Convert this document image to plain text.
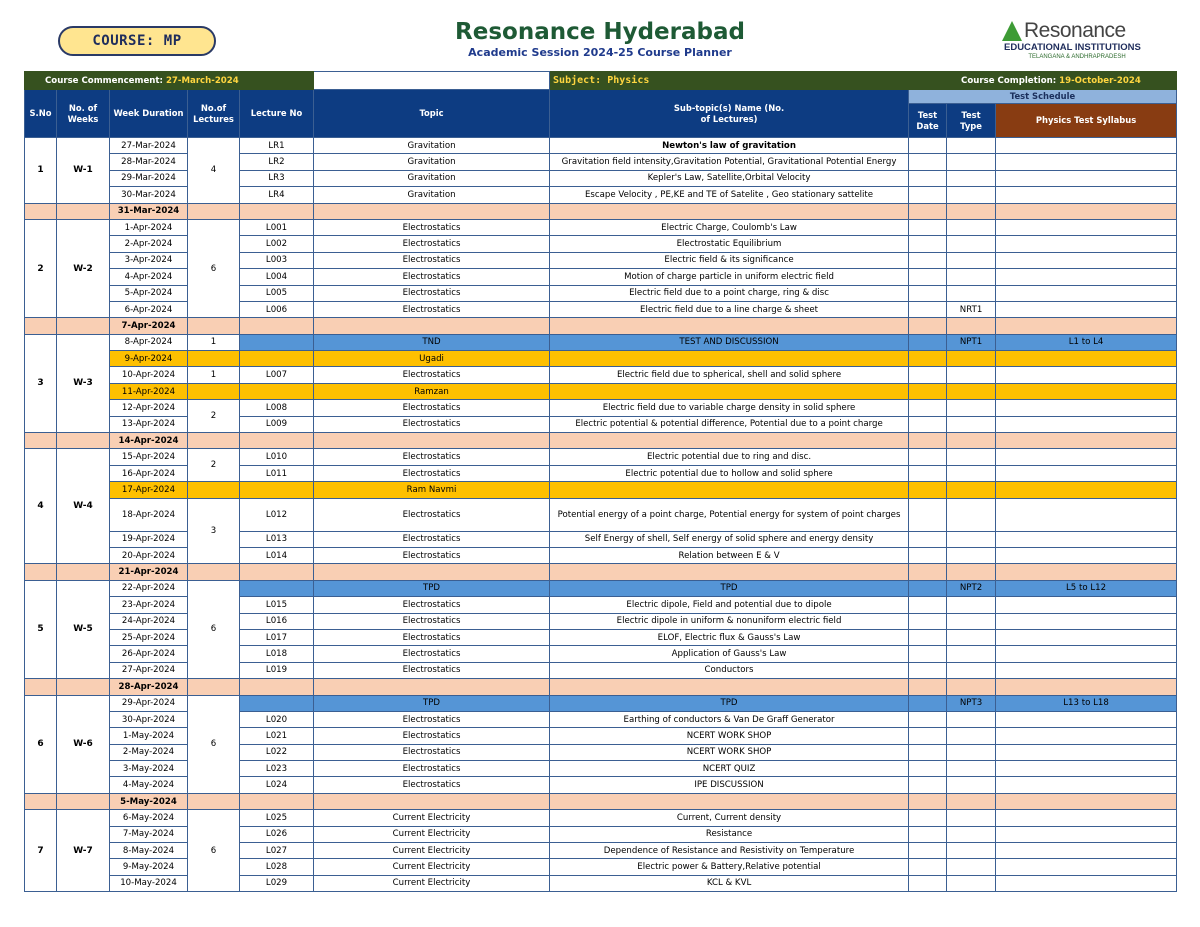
COURSE: MP	Resonance Hyderabad
Academic Session 2024-25 Course Planner
Resonance
EDUCATIONAL INSTITUTIONS
TELANGANA & ANDHRAPRADESH
Course Commencement: 27-March-2024						Subject: Physics		Course Completion: 19-October-2024	
S.No	No. of Weeks	Week Duration	No.of Lectures	Lecture No	Topic	Sub-topic(s) Name (No. of Lectures)	Test Schedule		
							Test Date	Test Type	Physics Test Syllabus
1	W-1	27-Mar-2024	4	LR1	Gravitation	Newton's law of gravitation			
		28-Mar-2024		LR2	Gravitation	Gravitation field intensity,Gravitation Potential, Gravitational Potential Energy			
		29-Mar-2024		LR3	Gravitation	Kepler's Law, Satellite,Orbital Velocity			
		30-Mar-2024		LR4	Gravitation	Escape Velocity , PE,KE and TE of Satelite , Geo stationary sattelite			
		31-Mar-2024							
2	W-2	1-Apr-2024	6	L001	Electrostatics	Electric Charge, Coulomb's Law			
		2-Apr-2024		L002	Electrostatics	Electrostatic Equilibrium			
		3-Apr-2024		L003	Electrostatics	Electric field & its significance			
		4-Apr-2024		L004	Electrostatics	Motion of charge particle in uniform electric field			
		5-Apr-2024		L005	Electrostatics	Electric field due to a point charge, ring & disc			
		6-Apr-2024		L006	Electrostatics	Electric field due to a line charge & sheet		NRT1	
		7-Apr-2024							
3	W-3	8-Apr-2024	1		TND	TEST AND DISCUSSION		NPT1	L1 to L4
		9-Apr-2024			Ugadi				
		10-Apr-2024	1	L007	Electrostatics	Electric field due to spherical, shell and solid sphere			
		11-Apr-2024			Ramzan				
		12-Apr-2024	2	L008	Electrostatics	Electric field due to variable charge density in solid sphere			
		13-Apr-2024		L009	Electrostatics	Electric potential & potential difference, Potential due to a point charge			
		14-Apr-2024							
4	W-4	15-Apr-2024	2	L010	Electrostatics	Electric potential due to ring and disc.			
		16-Apr-2024		L011	Electrostatics	Electric potential due to hollow and solid sphere			
		17-Apr-2024			Ram Navmi				
		18-Apr-2024	3	L012	Electrostatics	Potential energy of a point charge, Potential energy for system of point charges			
		19-Apr-2024		L013	Electrostatics	Self Energy of shell, Self energy of solid sphere and energy density			
		20-Apr-2024		L014	Electrostatics	Relation between E & V			
		21-Apr-2024							
5	W-5	22-Apr-2024	6		TPD	TPD		NPT2	L5 to L12
		23-Apr-2024		L015	Electrostatics	Electric dipole, Field and potential due to dipole			
		24-Apr-2024		L016	Electrostatics	Electric dipole in uniform & nonuniform electric field			
		25-Apr-2024		L017	Electrostatics	ELOF, Electric flux & Gauss's Law			
		26-Apr-2024		L018	Electrostatics	Application of Gauss's Law			
		27-Apr-2024		L019	Electrostatics	Conductors			
		28-Apr-2024							
6	W-6	29-Apr-2024	6		TPD	TPD		NPT3	L13 to L18
		30-Apr-2024		L020	Electrostatics	Earthing of conductors & Van De Graff Generator			
		1-May-2024		L021	Electrostatics	NCERT WORK SHOP			
		2-May-2024		L022	Electrostatics	NCERT WORK SHOP			
		3-May-2024		L023	Electrostatics	NCERT QUIZ			
		4-May-2024		L024	Electrostatics	IPE DISCUSSION			
		5-May-2024							
7	W-7	6-May-2024	6	L025	Current Electricity	Current, Current density			
		7-May-2024		L026	Current Electricity	Resistance			
		8-May-2024		L027	Current Electricity	Dependence of Resistance and Resistivity on Temperature			
		9-May-2024		L028	Current Electricity	Electric power & Battery,Relative potential			
		10-May-2024		L029	Current Electricity	KCL & KVL			
